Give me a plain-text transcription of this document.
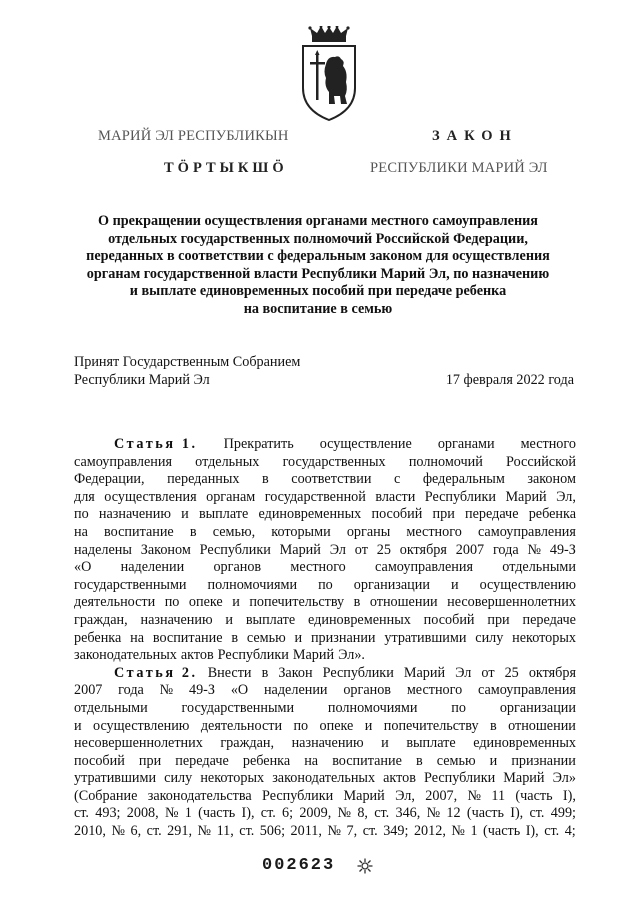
МАРИЙ ЭЛ РЕСПУБЛИКЫН
ТӦРТЫКШӦ
ЗАКОН
РЕСПУБЛИКИ МАРИЙ ЭЛ
О прекращении осуществления органами местного самоуправления
отдельных государственных полномочий Российской Федерации,
переданных в соответствии с федеральным законом для осуществления
органам государственной власти Республики Марий Эл, по назначению
и выплате единовременных пособий при передаче ребенка
на воспитание в семью
Принят Государственным Собранием
Республики Марий Эл	17 февраля 2022 года
Статья 1. Прекратить осуществление органами местного
самоуправления отдельных государственных полномочий Российской
Федерации, переданных в соответствии с федеральным законом
для осуществления органам государственной власти Республики Марий Эл,
по назначению и выплате единовременных пособий при передаче ребенка
на воспитание в семью, которыми органы местного самоуправления
наделены Законом Республики Марий Эл от 25 октября 2007 года № 49-З
«О наделении органов местного самоуправления отдельными
государственными полномочиями по организации и осуществлению
деятельности по опеке и попечительству в отношении несовершеннолетних
граждан, назначению и выплате единовременных пособий при передаче
ребенка на воспитание в семью и признании утратившими силу некоторых
законодательных актов Республики Марий Эл».
Статья 2. Внести в Закон Республики Марий Эл от 25 октября
2007 года № 49-З «О наделении органов местного самоуправления
отдельными государственными полномочиями по организации
и осуществлению деятельности по опеке и попечительству в отношении
несовершеннолетних граждан, назначению и выплате единовременных
пособий при передаче ребенка на воспитание в семью и признании
утратившими силу некоторых законодательных актов Республики Марий Эл»
(Собрание законодательства Республики Марий Эл, 2007, № 11 (часть I),
ст. 493; 2008, № 1 (часть I), ст. 6; 2009, № 8, ст. 346, № 12 (часть I), ст. 499;
2010, № 6, ст. 291, № 11, ст. 506; 2011, № 7, ст. 349; 2012, № 1 (часть I), ст. 4;
002623
